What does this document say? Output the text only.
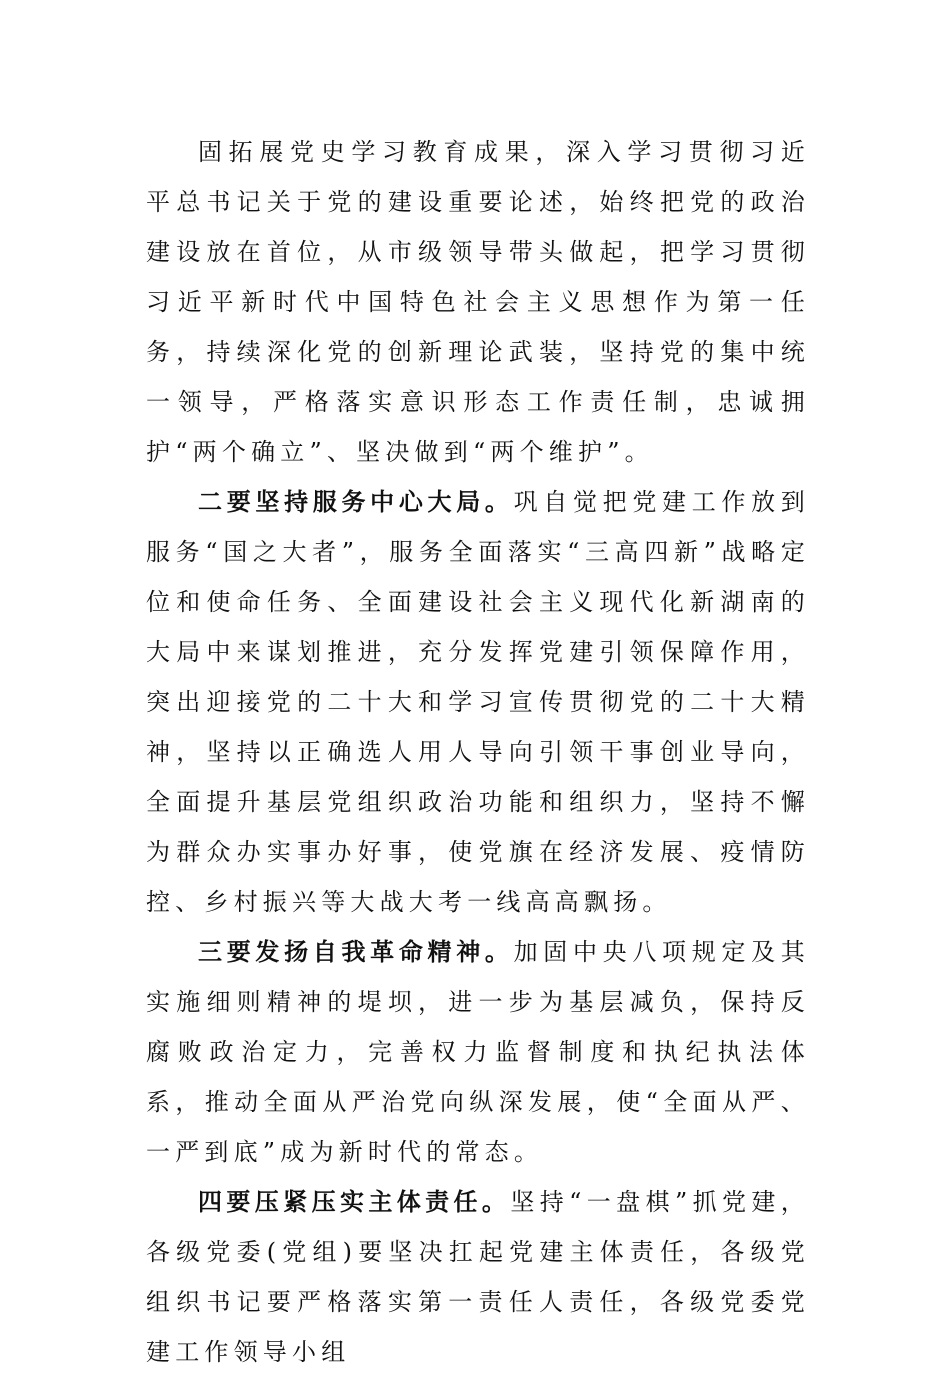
固拓展党史学习教育成果，深入学习贯彻习近平总书记关于党的建设重要论述，始终把党的政治建设放在首位，从市级领导带头做起，把学习贯彻习近平新时代中国特色社会主义思想作为第一任务，持续深化党的创新理论武装，坚持党的集中统一领导，严格落实意识形态工作责任制，忠诚拥护“两个确立”、坚决做到“两个维护”。

二要坚持服务中心大局。巩自觉把党建工作放到服务“国之大者”，服务全面落实“三高四新”战略定位和使命任务、全面建设社会主义现代化新湖南的大局中来谋划推进，充分发挥党建引领保障作用，突出迎接党的二十大和学习宣传贯彻党的二十大精神，坚持以正确选人用人导向引领干事创业导向，全面提升基层党组织政治功能和组织力，坚持不懈为群众办实事办好事，使党旗在经济发展、疫情防控、乡村振兴等大战大考一线高高飘扬。

三要发扬自我革命精神。加固中央八项规定及其实施细则精神的堤坝，进一步为基层减负，保持反腐败政治定力，完善权力监督制度和执纪执法体系，推动全面从严治党向纵深发展，使“全面从严、一严到底”成为新时代的常态。

四要压紧压实主体责任。坚持“一盘棋”抓党建，各级党委(党组)要坚决扛起党建主体责任，各级党组织书记要严格落实第一责任人责任，各级党委党建工作领导小组
